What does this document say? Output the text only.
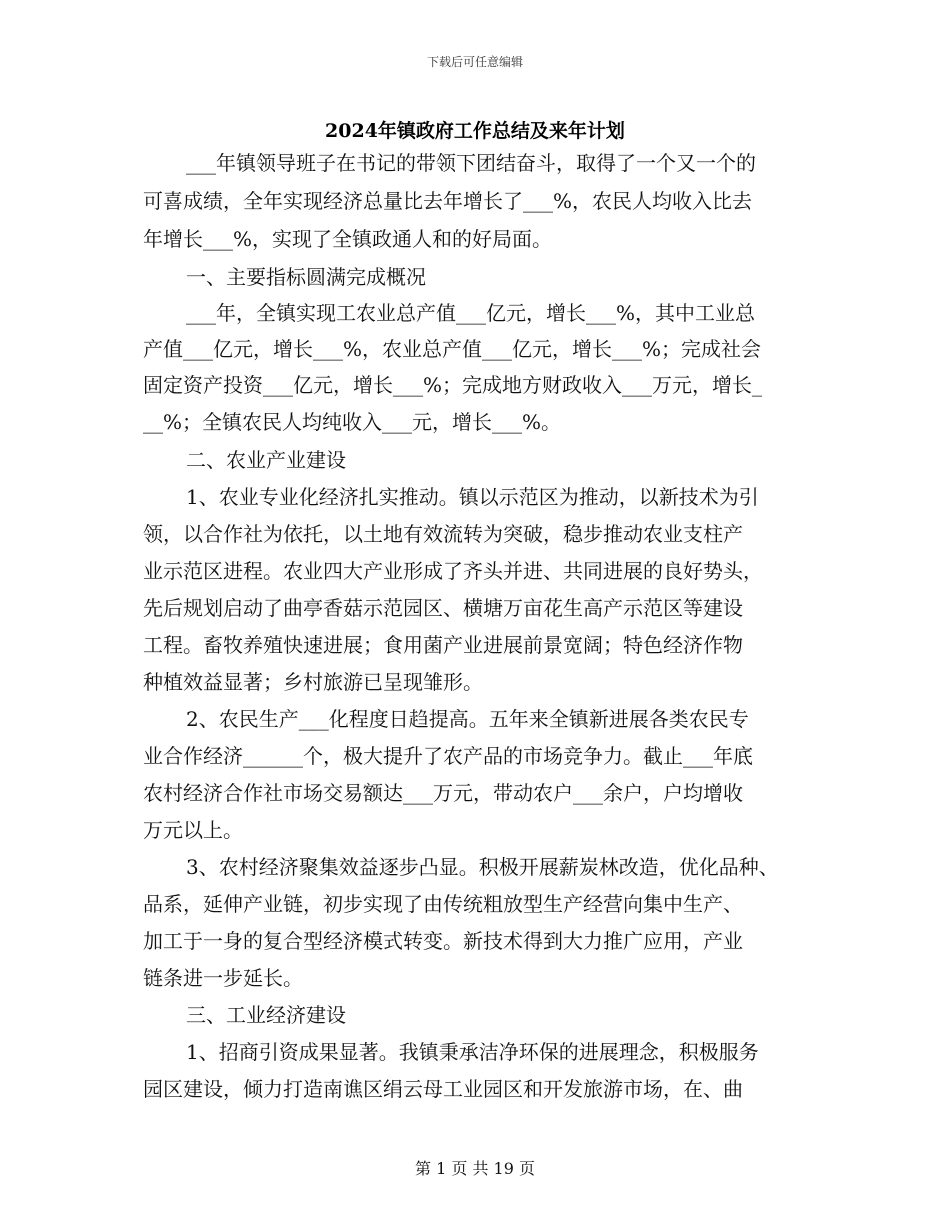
下载后可任意编辑
2024年镇政府工作总结及来年计划
___年镇领导班子在书记的带领下团结奋斗，取得了一个又一个的
可喜成绩，全年实现经济总量比去年增长了___%，农民人均收入比去
年增长___%，实现了全镇政通人和的好局面。
一、主要指标圆满完成概况
___年，全镇实现工农业总产值___亿元，增长___%，其中工业总
产值___亿元，增长___%，农业总产值___亿元，增长___%；完成社会
固定资产投资___亿元，增长___%；完成地方财政收入___万元，增长_
__%；全镇农民人均纯收入___元，增长___%。
二、农业产业建设
1、农业专业化经济扎实推动。镇以示范区为推动，以新技术为引
领，以合作社为依托，以土地有效流转为突破，稳步推动农业支柱产
业示范区进程。农业四大产业形成了齐头并进、共同进展的良好势头，
先后规划启动了曲亭香菇示范园区、横塘万亩花生高产示范区等建设
工程。畜牧养殖快速进展；食用菌产业进展前景宽阔；特色经济作物
种植效益显著；乡村旅游已呈现雏形。
2、农民生产___化程度日趋提高。五年来全镇新进展各类农民专
业合作经济______个，极大提升了农产品的市场竞争力。截止___年底
农村经济合作社市场交易额达___万元，带动农户___余户，户均增收
万元以上。
3、农村经济聚集效益逐步凸显。积极开展薪炭林改造，优化品种、
品系，延伸产业链，初步实现了由传统粗放型生产经营向集中生产、
加工于一身的复合型经济模式转变。新技术得到大力推广应用，产业
链条进一步延长。
三、工业经济建设
1、招商引资成果显著。我镇秉承洁净环保的进展理念，积极服务
园区建设，倾力打造南谯区绢云母工业园区和开发旅游市场，在、曲
第 1 页 共 19 页
